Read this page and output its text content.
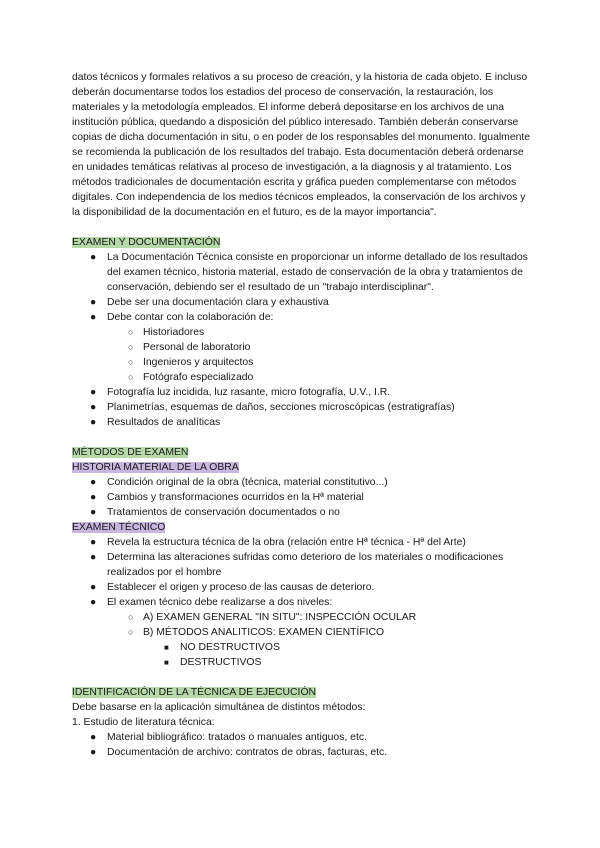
datos técnicos y formales relativos a su proceso de creación, y la historia de cada objeto. E incluso deberán documentarse todos los estadios del proceso de conservación, la restauración, los materiales y la metodología empleados. El informe deberá depositarse en los archivos de una institución pública, quedando a disposición del público interesado. También deberán conservarse copias de dicha documentación in situ, o en poder de los responsables del monumento. Igualmente se recomienda la publicación de los resultados del trabajo. Esta documentación deberá ordenarse en unidades temáticas relativas al proceso de investigación, a la diagnosis y al tratamiento. Los métodos tradicionales de documentación escrita y gráfica pueden complementarse con métodos digitales. Con independencia de los medios técnicos empleados, la conservación de los archivos y la disponibilidad de la documentación en el futuro, es de la mayor importancia".

EXAMEN Y DOCUMENTACIÓN
● La Documentación Técnica consiste en proporcionar un informe detallado de los resultados del examen técnico, historia material, estado de conservación de la obra y tratamientos de conservación, debiendo ser el resultado de un "trabajo interdisciplinar".
● Debe ser una documentación clara y exhaustiva
● Debe contar con la colaboración de:
○ Historiadores
○ Personal de laboratorio
○ Ingenieros y arquitectos
○ Fotógrafo especializado
● Fotografía luz incidida, luz rasante, micro fotografía, U.V., I.R.
● Planimetrías, esquemas de daños, secciones microscópicas (estratigrafías)
● Resultados de analíticas
MÉTODOS DE EXAMEN
HISTORIA MATERIAL DE LA OBRA
● Condición original de la obra (técnica, material constitutivo...)
● Cambios y transformaciones ocurridos en la Hª material
● Tratamientos de conservación documentados o no
EXAMEN TÉCNICO
● Revela la estructura técnica de la obra (relación entre Hª técnica - Hª del Arte)
● Determina las alteraciones sufridas como deterioro de los materiales o modificaciones realizados por el hombre
● Establecer el origen y proceso de las causas de deterioro.
● El examen técnico debe realizarse a dos niveles:
○ A) EXAMEN GENERAL "IN SITU": INSPECCIÓN OCULAR
○ B) MÉTODOS ANALITICOS: EXAMEN CIENTÍFICO
■ NO DESTRUCTIVOS
■ DESTRUCTIVOS
IDENTIFICACIÓN DE LA TÉCNICA DE EJECUCIÓN

Debe basarse en la aplicación simultánea de distintos métodos:

1. Estudio de literatura técnica:

● Material bibliográfico: tratados o manuales antiguos, etc.
● Documentación de archivo: contratos de obras, facturas, etc.
